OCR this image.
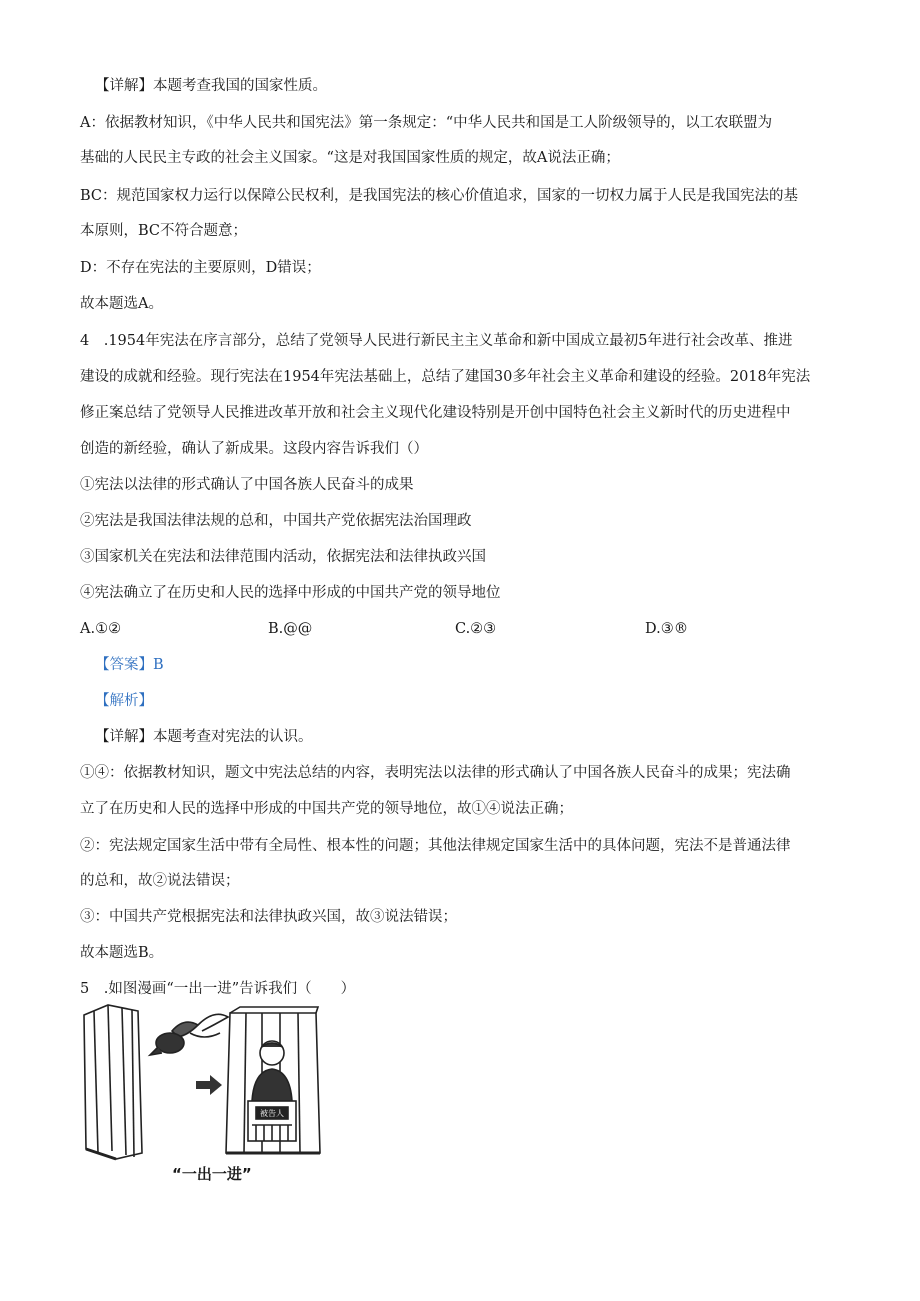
【详解】本题考查我国的国家性质。
A：依据教材知识，《中华人民共和国宪法》第一条规定：“中华人民共和国是工人阶级领导的，以工农联盟为
基础的人民民主专政的社会主义国家。“这是对我国国家性质的规定，故A说法正确；
BC：规范国家权力运行以保障公民权利，是我国宪法的核心价值追求，国家的一切权力属于人民是我国宪法的基
本原则，BC不符合题意；
D：不存在宪法的主要原则，D错误；
故本题选A。
4　.1954年宪法在序言部分，总结了党领导人民进行新民主主义革命和新中国成立最初5年进行社会改革、推进
建设的成就和经验。现行宪法在1954年宪法基础上，总结了建国30多年社会主义革命和建设的经验。2018年宪法
修正案总结了党领导人民推进改革开放和社会主义现代化建设特别是开创中国特色社会主义新时代的历史进程中
创造的新经验，确认了新成果。这段内容告诉我们（）
①宪法以法律的形式确认了中国各族人民奋斗的成果
②宪法是我国法律法规的总和，中国共产党依据宪法治国理政
③国家机关在宪法和法律范围内活动，依据宪法和法律执政兴国
④宪法确立了在历史和人民的选择中形成的中国共产党的领导地位
A.①②	B.@@	C.②③	D.③®
【答案】B
【解析】
【详解】本题考查对宪法的认识。
①④：依据教材知识，题文中宪法总结的内容，表明宪法以法律的形式确认了中国各族人民奋斗的成果；宪法确
立了在历史和人民的选择中形成的中国共产党的领导地位，故①④说法正确；
②：宪法规定国家生活中带有全局性、根本性的问题；其他法律规定国家生活中的具体问题，宪法不是普通法律
的总和，故②说法错误；
③：中国共产党根据宪法和法律执政兴国，故③说法错误；
故本题选B。
5　.如图漫画“一出一进”告诉我们（　　）
被告人
“一出一进”
